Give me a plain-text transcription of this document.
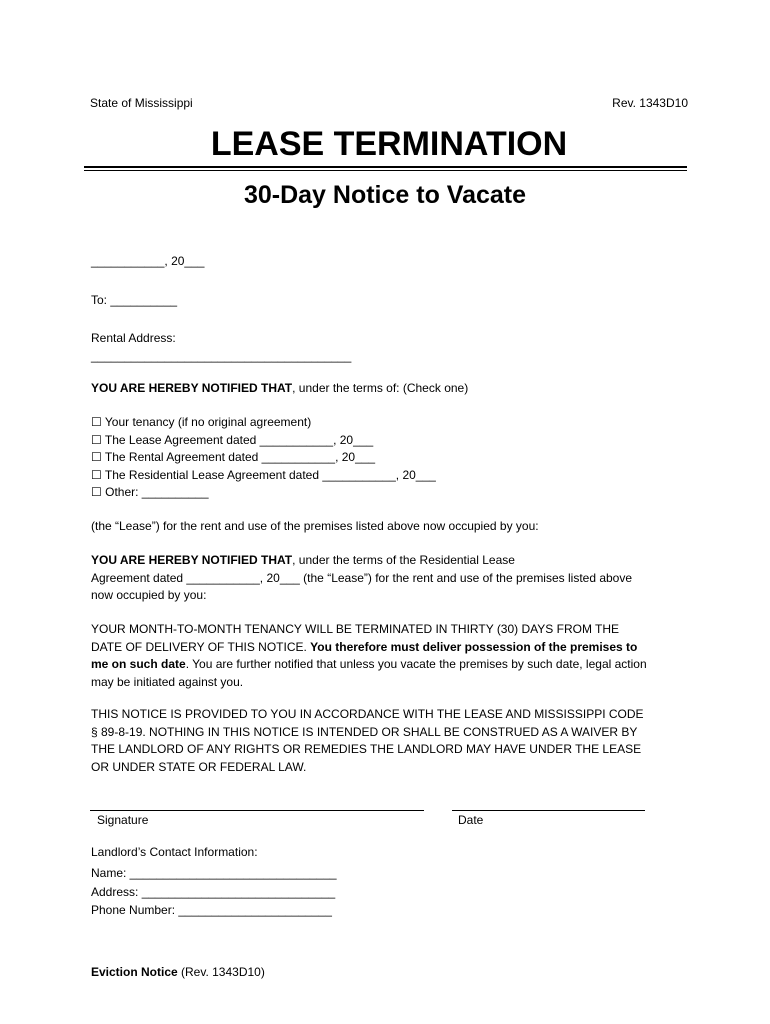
State of Mississippi	Rev. 1343D10
LEASE TERMINATION
30-Day Notice to Vacate
___________, 20___
To: __________
Rental Address:
_______________________________________
YOU ARE HEREBY NOTIFIED THAT, under the terms of: (Check one)
☐ Your tenancy (if no original agreement)
☐ The Lease Agreement dated ___________, 20___
☐ The Rental Agreement dated ___________, 20___
☐ The Residential Lease Agreement dated ___________, 20___
☐ Other: __________
(the “Lease”) for the rent and use of the premises listed above now occupied by you:
YOU ARE HEREBY NOTIFIED THAT, under the terms of the Residential Lease
Agreement dated ___________, 20___ (the “Lease”) for the rent and use of the premises listed above
now occupied by you:
YOUR MONTH-TO-MONTH TENANCY WILL BE TERMINATED IN THIRTY (30) DAYS FROM THE
DATE OF DELIVERY OF THIS NOTICE. You therefore must deliver possession of the premises to
me on such date. You are further notified that unless you vacate the premises by such date, legal action
may be initiated against you.
THIS NOTICE IS PROVIDED TO YOU IN ACCORDANCE WITH THE LEASE AND MISSISSIPPI CODE
§ 89-8-19. NOTHING IN THIS NOTICE IS INTENDED OR SHALL BE CONSTRUED AS A WAIVER BY
THE LANDLORD OF ANY RIGHTS OR REMEDIES THE LANDLORD MAY HAVE UNDER THE LEASE
OR UNDER STATE OR FEDERAL LAW.
Signature	Date
Landlord’s Contact Information:
Name: _______________________________
Address: _____________________________
Phone Number: _______________________
Eviction Notice (Rev. 1343D10)
